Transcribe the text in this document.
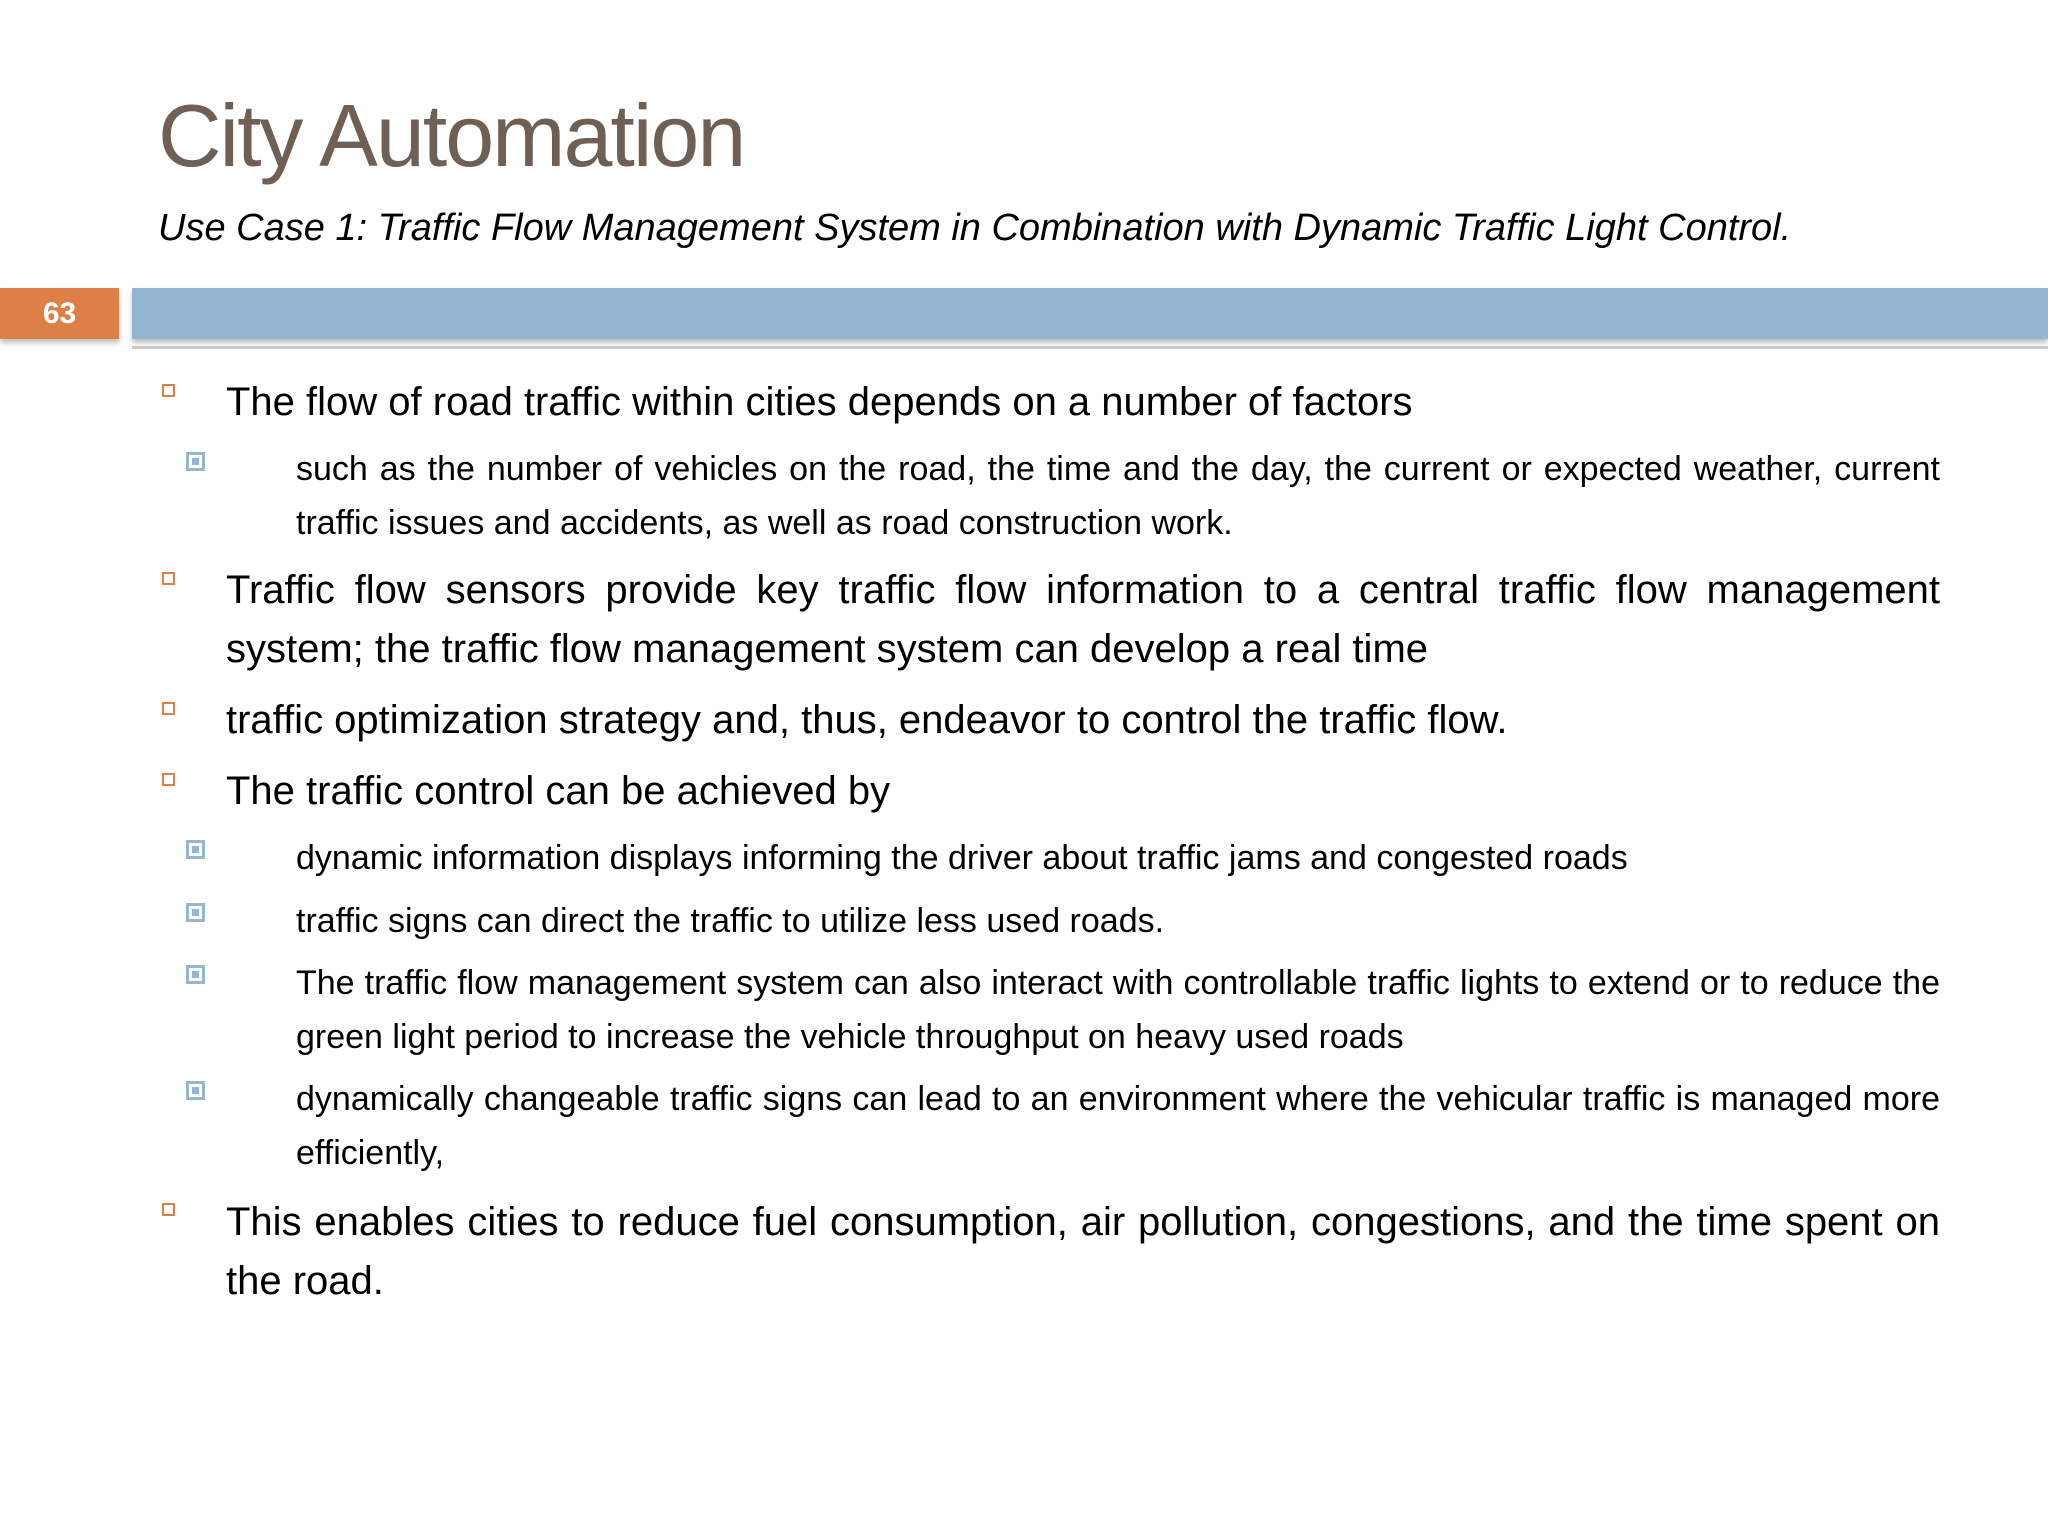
City Automation

Use Case 1: Traffic Flow Management System in Combination with Dynamic Traffic Light Control.

63

The flow of road traffic within cities depends on a number of factors

such as the number of vehicles on the road, the time and the day, the current or expected weather, current traffic issues and accidents, as well as road construction work.

Traffic flow sensors provide key traffic flow information to a central traffic flow management system; the traffic flow management system can develop a real time

traffic optimization strategy and, thus, endeavor to control the traffic flow.

The traffic control can be achieved by

dynamic information displays informing the driver about traffic jams and congested roads

traffic signs can direct the traffic to utilize less used roads.

The traffic flow management system can also interact with controllable traffic lights to extend or to reduce the green light period to increase the vehicle throughput on heavy used roads

dynamically changeable traffic signs can lead to an environment where the vehicular traffic is managed more efficiently,

This enables cities to reduce fuel consumption, air pollution, congestions, and the time spent on the road.
